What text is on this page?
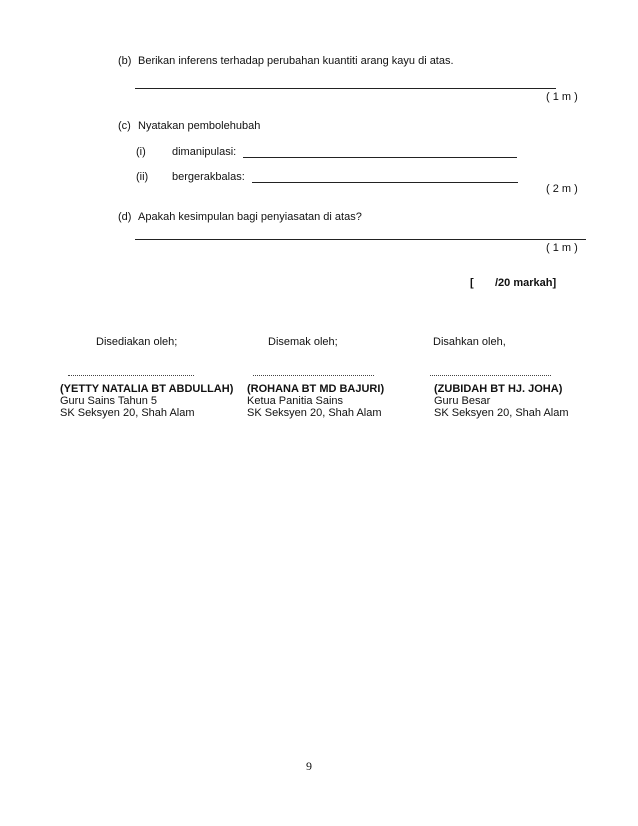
(b) Berikan inferens terhadap perubahan kuantiti arang kayu di atas.
( 1 m )
(c) Nyatakan pembolehubah
(i) dimanipulasi:
(ii) bergerakbalas:
( 2 m )
(d) Apakah kesimpulan bagi penyiasatan di atas?
( 1 m )
[ /20 markah]
Disediakan oleh;	Disemak oleh;	Disahkan oleh,
(YETTY NATALIA BT ABDULLAH) (ROHANA BT MD BAJURI)	(ZUBIDAH BT HJ. JOHA)
Guru Sains Tahun 5	Ketua Panitia Sains	Guru Besar
SK Seksyen 20, Shah Alam	SK Seksyen 20, Shah Alam	SK Seksyen 20, Shah Alam
9
